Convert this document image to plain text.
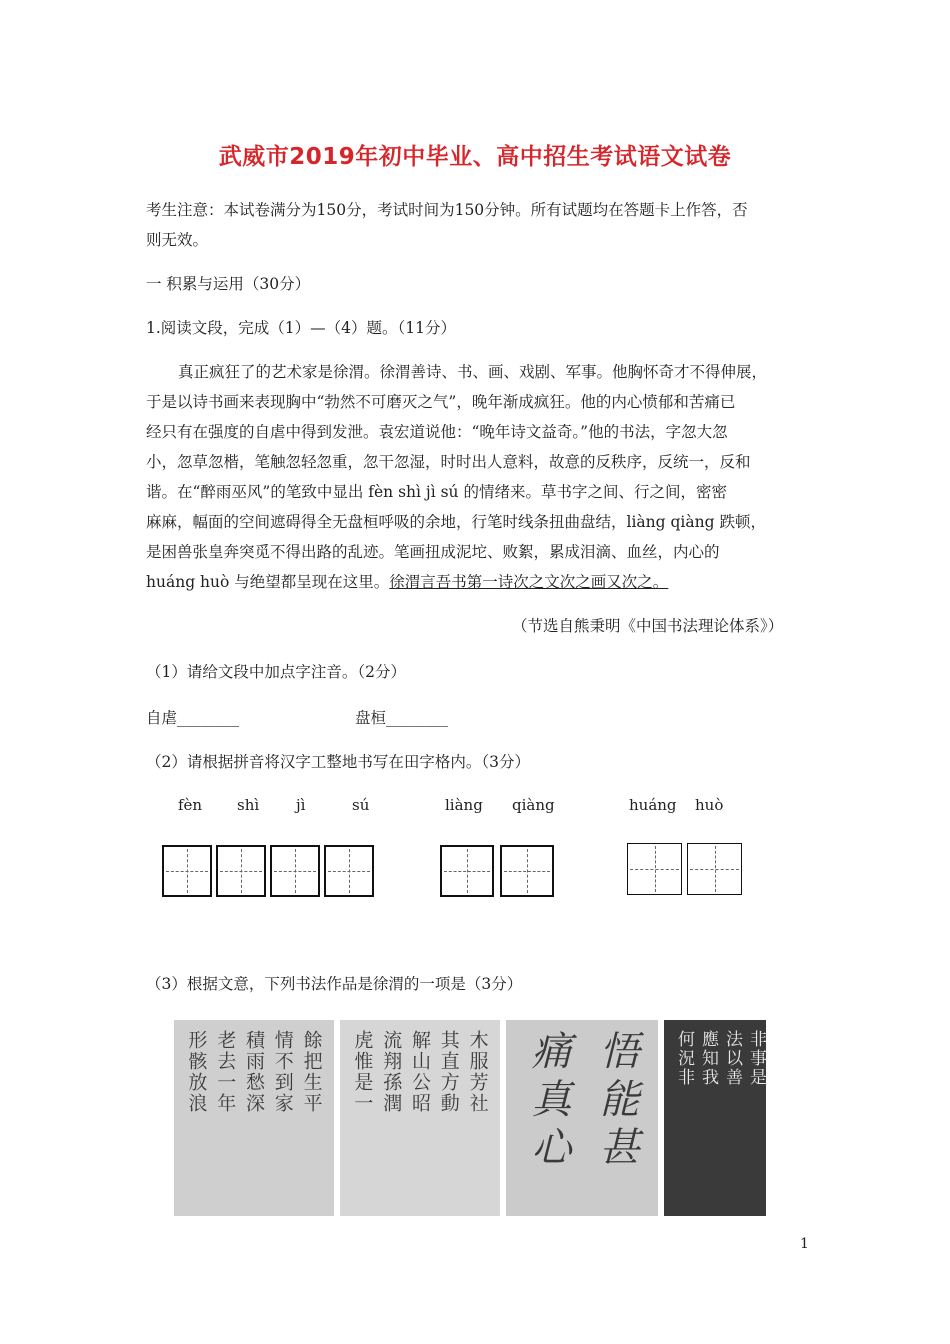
武威市2019年初中毕业、高中招生考试语文试卷
考生注意：本试卷满分为150分，考试时间为150分钟。所有试题均在答题卡上作答，否
则无效。
一 积累与运用（30分）
1.阅读文段，完成（1）—（4）题。（11分）
真正疯狂了的艺术家是徐渭。徐渭善诗、书、画、戏剧、军事。他胸怀奇才不得伸展，
于是以诗书画来表现胸中“勃然不可磨灭之气”，晚年渐成疯狂。他的内心愤郁和苦痛已
经只有在强度的自虐中得到发泄。袁宏道说他：“晚年诗文益奇。”他的书法，字忽大忽
小，忽草忽楷，笔触忽轻忽重，忽干忽湿，时时出人意料，故意的反秩序，反统一，反和
谐。在“醉雨巫风”的笔致中显出 fèn shì jì sú 的情绪来。草书字之间、行之间，密密
麻麻，幅面的空间遮碍得全无盘桓呼吸的余地，行笔时线条扭曲盘结，liàng qiàng 跌顿，
是困兽张皇奔突觅不得出路的乱迹。笔画扭成泥坨、败絮，累成泪滴、血丝，内心的
huáng huò 与绝望都呈现在这里。徐渭言吾书第一诗次之文次之画又次之。
（节选自熊秉明《中国书法理论体系》）
（1）请给文段中加点字注音。（2分）
自虐________	盘桓________
（2）请根据拼音将汉字工整地书写在田字格内。（3分）
fèn shì jì	sú	liàng qiàng	huáng huò
（3）根据文意，下列书法作品是徐渭的一项是（3分）
餘把生平
情不到家
積雨愁深
老去一年
形骸放浪	木服芳社
其直方動
解山公昭
流翔孫潤
虎惟是一	悟能甚
痛真心	非事是
法以善
應知我
何況非
1
